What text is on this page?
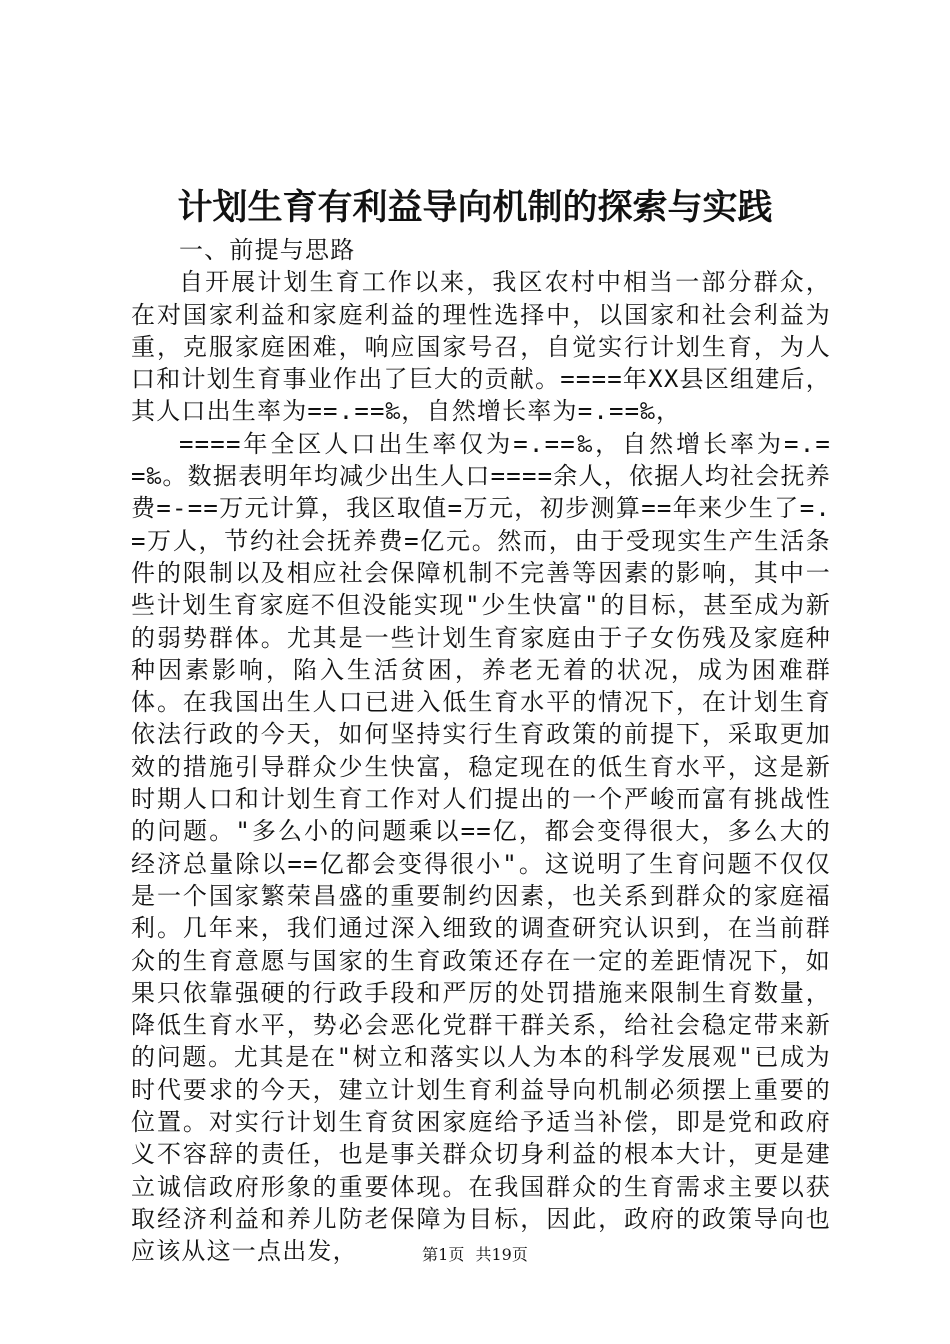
计划生育有利益导向机制的探索与实践

一、前提与思路

自开展计划生育工作以来，我区农村中相当一部分群众，在对国家利益和家庭利益的理性选择中，以国家和社会利益为重，克服家庭困难，响应国家号召，自觉实行计划生育，为人口和计划生育事业作出了巨大的贡献。====年XX县区组建后，其人口出生率为==.==‰，自然增长率为=.==‰，

====年全区人口出生率仅为=.==‰，自然增长率为=.==‰。数据表明年均减少出生人口====余人，依据人均社会抚养费=-==万元计算，我区取值=万元，初步测算==年来少生了=.=万人，节约社会抚养费=亿元。然而，由于受现实生产生活条件的限制以及相应社会保障机制不完善等因素的影响，其中一些计划生育家庭不但没能实现"少生快富"的目标，甚至成为新的弱势群体。尤其是一些计划生育家庭由于子女伤残及家庭种种因素影响，陷入生活贫困，养老无着的状况，成为困难群体。在我国出生人口已进入低生育水平的情况下，在计划生育依法行政的今天，如何坚持实行生育政策的前提下，采取更加效的措施引导群众少生快富，稳定现在的低生育水平，这是新时期人口和计划生育工作对人们提出的一个严峻而富有挑战性的问题。"多么小的问题乘以==亿，都会变得很大，多么大的经济总量除以==亿都会变得很小"。这说明了生育问题不仅仅是一个国家繁荣昌盛的重要制约因素，也关系到群众的家庭福利。几年来，我们通过深入细致的调查研究认识到，在当前群众的生育意愿与国家的生育政策还存在一定的差距情况下，如果只依靠强硬的行政手段和严厉的处罚措施来限制生育数量，降低生育水平，势必会恶化党群干群关系，给社会稳定带来新的问题。尤其是在"树立和落实以人为本的科学发展观"已成为时代要求的今天，建立计划生育利益导向机制必须摆上重要的位置。对实行计划生育贫困家庭给予适当补偿，即是党和政府义不容辞的责任，也是事关群众切身利益的根本大计，更是建立诚信政府形象的重要体现。在我国群众的生育需求主要以获取经济利益和养儿防老保障为目标，因此，政府的政策导向也应该从这一点出发，	第1页 共19页
